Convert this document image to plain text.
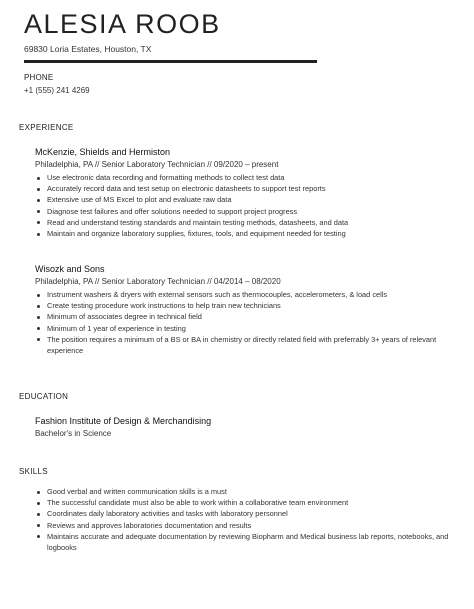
ALESIA ROOB
69830 Loria Estates, Houston, TX
PHONE
+1 (555) 241 4269
EXPERIENCE
McKenzie, Shields and Hermiston
Philadelphia, PA // Senior Laboratory Technician // 09/2020 – present
Use electronic data recording and formatting methods to collect test data
Accurately record data and test setup on electronic datasheets to support test reports
Extensive use of MS Excel to plot and evaluate raw data
Diagnose test failures and offer solutions needed to support project progress
Read and understand testing standards and maintain testing methods, datasheets, and data
Maintain and organize laboratory supplies, fixtures, tools, and equipment needed for testing
Wisozk and Sons
Philadelphia, PA // Senior Laboratory Technician // 04/2014 – 08/2020
Instrument washers & dryers with external sensors such as thermocouples, accelerometers, & load cells
Create testing procedure work instructions to help train new technicians
Minimum of associates degree in technical field
Minimum of 1 year of experience in testing
The position requires a minimum of a BS or BA in chemistry or directly related field with preferrably 3+ years of relevant experience
EDUCATION
Fashion Institute of Design & Merchandising
Bachelor's in Science
SKILLS
Good verbal and written communication skills is a must
The successful candidate must also be able to work within a collaborative team environment
Coordinates daily laboratory activities and tasks with laboratory personnel
Reviews and approves laboratories documentation and results
Maintains accurate and adequate documentation by reviewing Biopharm and Medical business lab reports, notebooks, and logbooks
